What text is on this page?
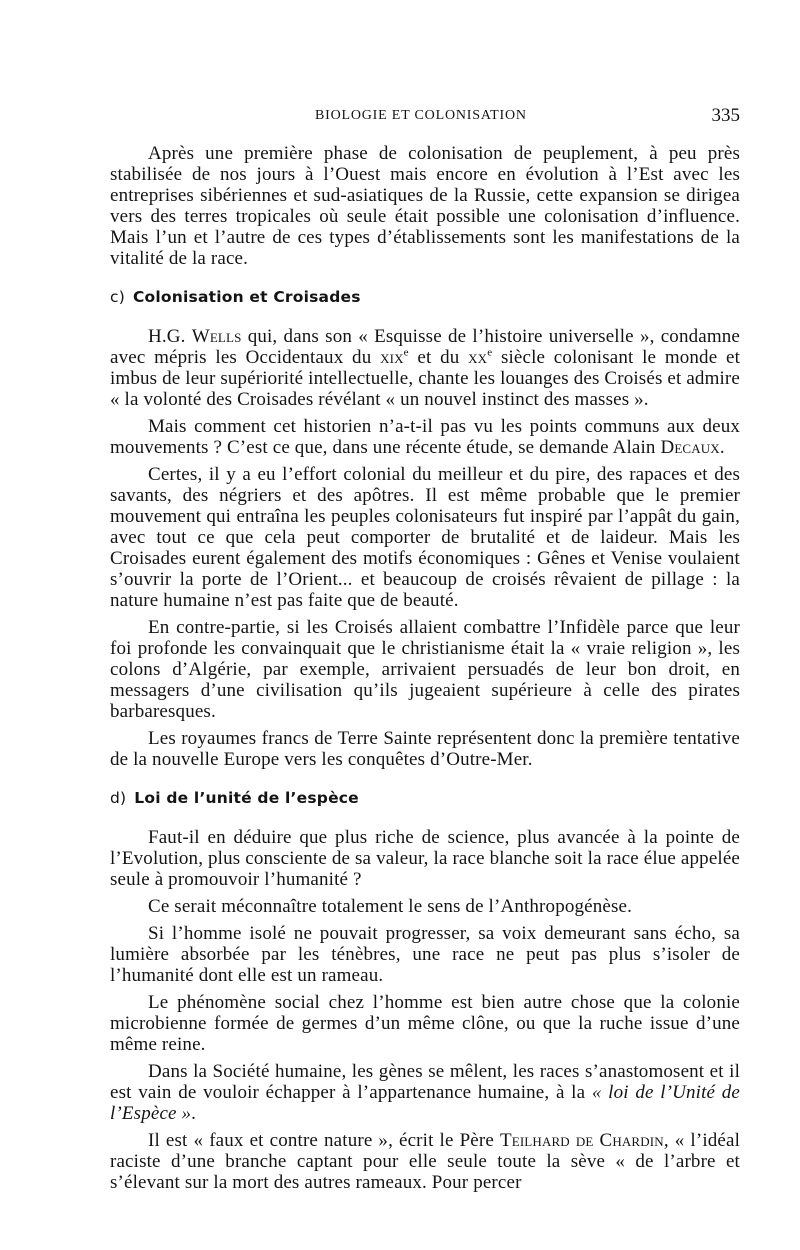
BIOLOGIE ET COLONISATION	335

Après une première phase de colonisation de peuplement, à peu près stabilisée de nos jours à l’Ouest mais encore en évolution à l’Est avec les entreprises sibériennes et sud-asiatiques de la Russie, cette expansion se dirigea vers des terres tropicales où seule était possible une colonisation d’influence. Mais l’un et l’autre de ces types d’établissements sont les manifestations de la vitalité de la race.

c) Colonisation et Croisades

H.G. Wells qui, dans son « Esquisse de l’histoire universelle », condamne avec mépris les Occidentaux du xix$^e$ et du $xx^e$ siècle colonisant le monde et imbus de leur supériorité intellectuelle, chante les louanges des Croisés et admire « la volonté des Croisades révélant « un nouvel instinct des masses ».

Mais comment cet historien n’a-t-il pas vu les points communs aux deux mouvements ? C’est ce que, dans une récente étude, se demande Alain Decaux.

Certes, il y a eu l’effort colonial du meilleur et du pire, des rapaces et des savants, des négriers et des apôtres. Il est même probable que le premier mouvement qui entraîna les peuples colonisateurs fut inspiré par l’appât du gain, avec tout ce que cela peut comporter de brutalité et de laideur. Mais les Croisades eurent également des motifs économiques : Gênes et Venise voulaient s’ouvrir la porte de l’Orient... et beaucoup de croisés rêvaient de pillage : la nature humaine n’est pas faite que de beauté.

En contre-partie, si les Croisés allaient combattre l’Infidèle parce que leur foi profonde les convainquait que le christianisme était la « vraie religion », les colons d’Algérie, par exemple, arrivaient persuadés de leur bon droit, en messagers d’une civilisation qu’ils jugeaient supérieure à celle des pirates barbaresques.

Les royaumes francs de Terre Sainte représentent donc la première tentative de la nouvelle Europe vers les conquêtes d’Outre-Mer.

d) Loi de l’unité de l’espèce

Faut-il en déduire que plus riche de science, plus avancée à la pointe de l’Evolution, plus consciente de sa valeur, la race blanche soit la race élue appelée seule à promouvoir l’humanité ?

Ce serait méconnaître totalement le sens de l’Anthropogénèse.

Si l’homme isolé ne pouvait progresser, sa voix demeurant sans écho, sa lumière absorbée par les ténèbres, une race ne peut pas plus s’isoler de l’humanité dont elle est un rameau.

Le phénomène social chez l’homme est bien autre chose que la colonie microbienne formée de germes d’un même clône, ou que la ruche issue d’une même reine.

Dans la Société humaine, les gènes se mêlent, les races s’anastomosent et il est vain de vouloir échapper à l’appartenance humaine, à la « loi de l’Unité de l’Espèce ».

Il est « faux et contre nature », écrit le Père Teilhard de Chardin, « l’idéal raciste d’une branche captant pour elle seule toute la sève « de l’arbre et s’élevant sur la mort des autres rameaux. Pour percer
